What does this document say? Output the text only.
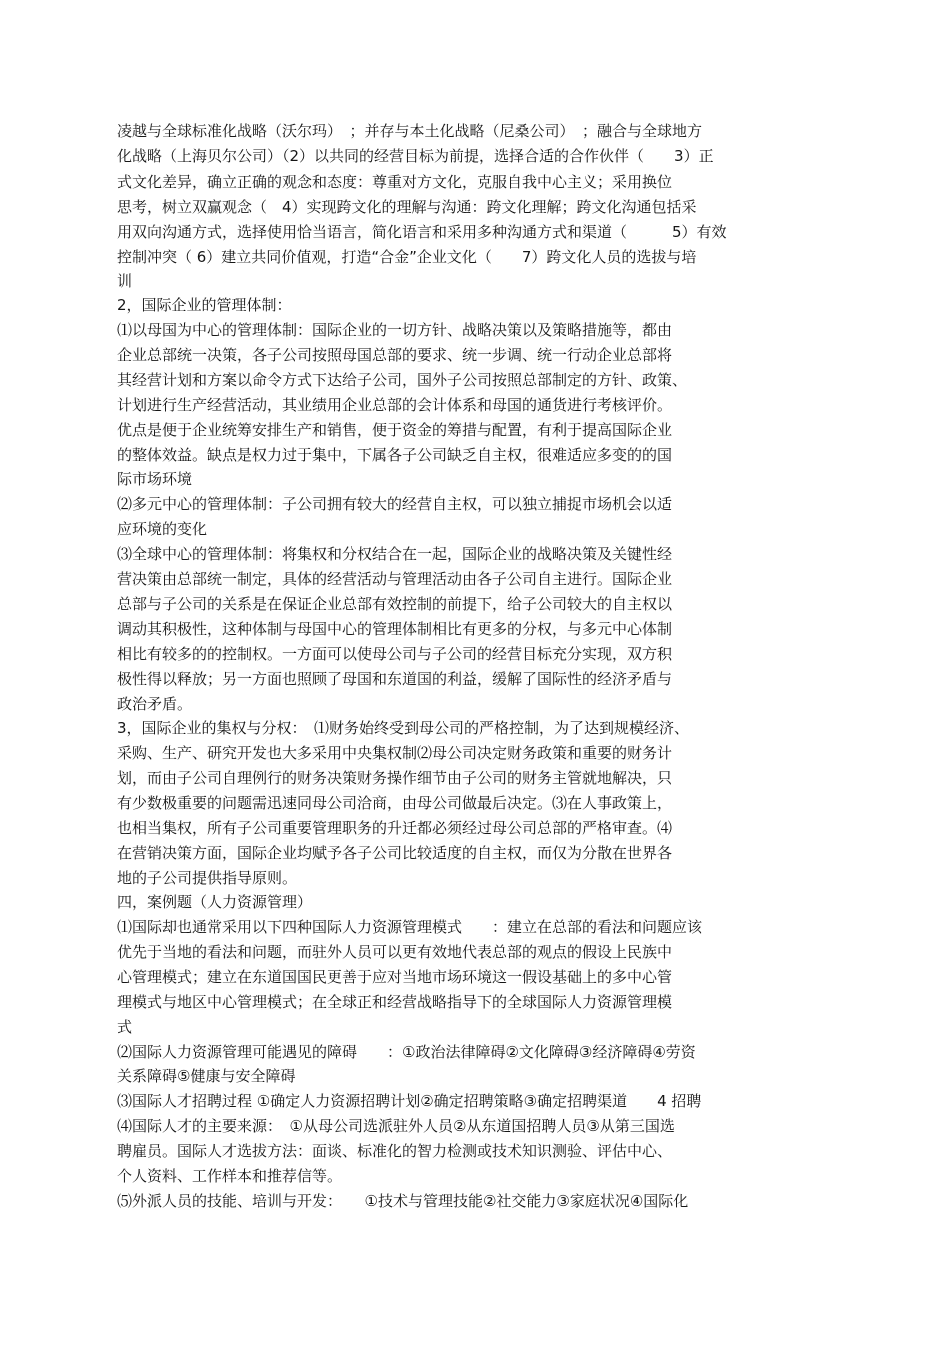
凌越与全球标准化战略（沃尔玛）　；并存与本土化战略（尼桑公司）　；融合与全球地方
化战略（上海贝尔公司）（2）以共同的经营目标为前提，选择合适的合作伙伴（　　3）正
式文化差异，确立正确的观念和态度：尊重对方文化，克服自我中心主义；采用换位
思考，树立双赢观念（　4）实现跨文化的理解与沟通：跨文化理解；跨文化沟通包括采
用双向沟通方式，选择使用恰当语言，简化语言和采用多种沟通方式和渠道（　　　5）有效
控制冲突（ 6）建立共同价值观，打造“合金”企业文化（　　7）跨文化人员的选拔与培
训
2，国际企业的管理体制：
⑴以母国为中心的管理体制：国际企业的一切方针、战略决策以及策略措施等，都由
企业总部统一决策，各子公司按照母国总部的要求、统一步调、统一行动企业总部将
其经营计划和方案以命令方式下达给子公司，国外子公司按照总部制定的方针、政策、
计划进行生产经营活动，其业绩用企业总部的会计体系和母国的通货进行考核评价。
优点是便于企业统筹安排生产和销售，便于资金的筹措与配置，有利于提高国际企业
的整体效益。缺点是权力过于集中，下属各子公司缺乏自主权，很难适应多变的的国
际市场环境
⑵多元中心的管理体制：子公司拥有较大的经营自主权，可以独立捕捉市场机会以适
应环境的变化
⑶全球中心的管理体制：将集权和分权结合在一起，国际企业的战略决策及关键性经
营决策由总部统一制定，具体的经营活动与管理活动由各子公司自主进行。国际企业
总部与子公司的关系是在保证企业总部有效控制的前提下，给子公司较大的自主权以
调动其积极性，这种体制与母国中心的管理体制相比有更多的分权，与多元中心体制
相比有较多的的控制权。一方面可以使母公司与子公司的经营目标充分实现，双方积
极性得以释放；另一方面也照顾了母国和东道国的利益，缓解了国际性的经济矛盾与
政治矛盾。
3，国际企业的集权与分权：　⑴财务始终受到母公司的严格控制，为了达到规模经济、
采购、生产、研究开发也大多采用中央集权制⑵母公司决定财务政策和重要的财务计
划，而由子公司自理例行的财务决策财务操作细节由子公司的财务主管就地解决，只
有少数极重要的问题需迅速同母公司洽商，由母公司做最后决定。⑶在人事政策上，
也相当集权，所有子公司重要管理职务的升迁都必须经过母公司总部的严格审查。⑷
在营销决策方面，国际企业均赋予各子公司比较适度的自主权，而仅为分散在世界各
地的子公司提供指导原则。
四，案例题（人力资源管理）
⑴国际却也通常采用以下四种国际人力资源管理模式　　：建立在总部的看法和问题应该
优先于当地的看法和问题，而驻外人员可以更有效地代表总部的观点的假设上民族中
心管理模式；建立在东道国国民更善于应对当地市场环境这一假设基础上的多中心管
理模式与地区中心管理模式；在全球正和经营战略指导下的全球国际人力资源管理模
式
⑵国际人力资源管理可能遇见的障碍　　：①政治法律障碍②文化障碍③经济障碍④劳资
关系障碍⑤健康与安全障碍
⑶国际人才招聘过程 ①确定人力资源招聘计划②确定招聘策略③确定招聘渠道　　4 招聘
⑷国际人才的主要来源：　①从母公司选派驻外人员②从东道国招聘人员③从第三国选
聘雇员。国际人才选拔方法：面谈、标准化的智力检测或技术知识测验、评估中心、
个人资料、工作样本和推荐信等。
⑸外派人员的技能、培训与开发：　　①技术与管理技能②社交能力③家庭状况④国际化
